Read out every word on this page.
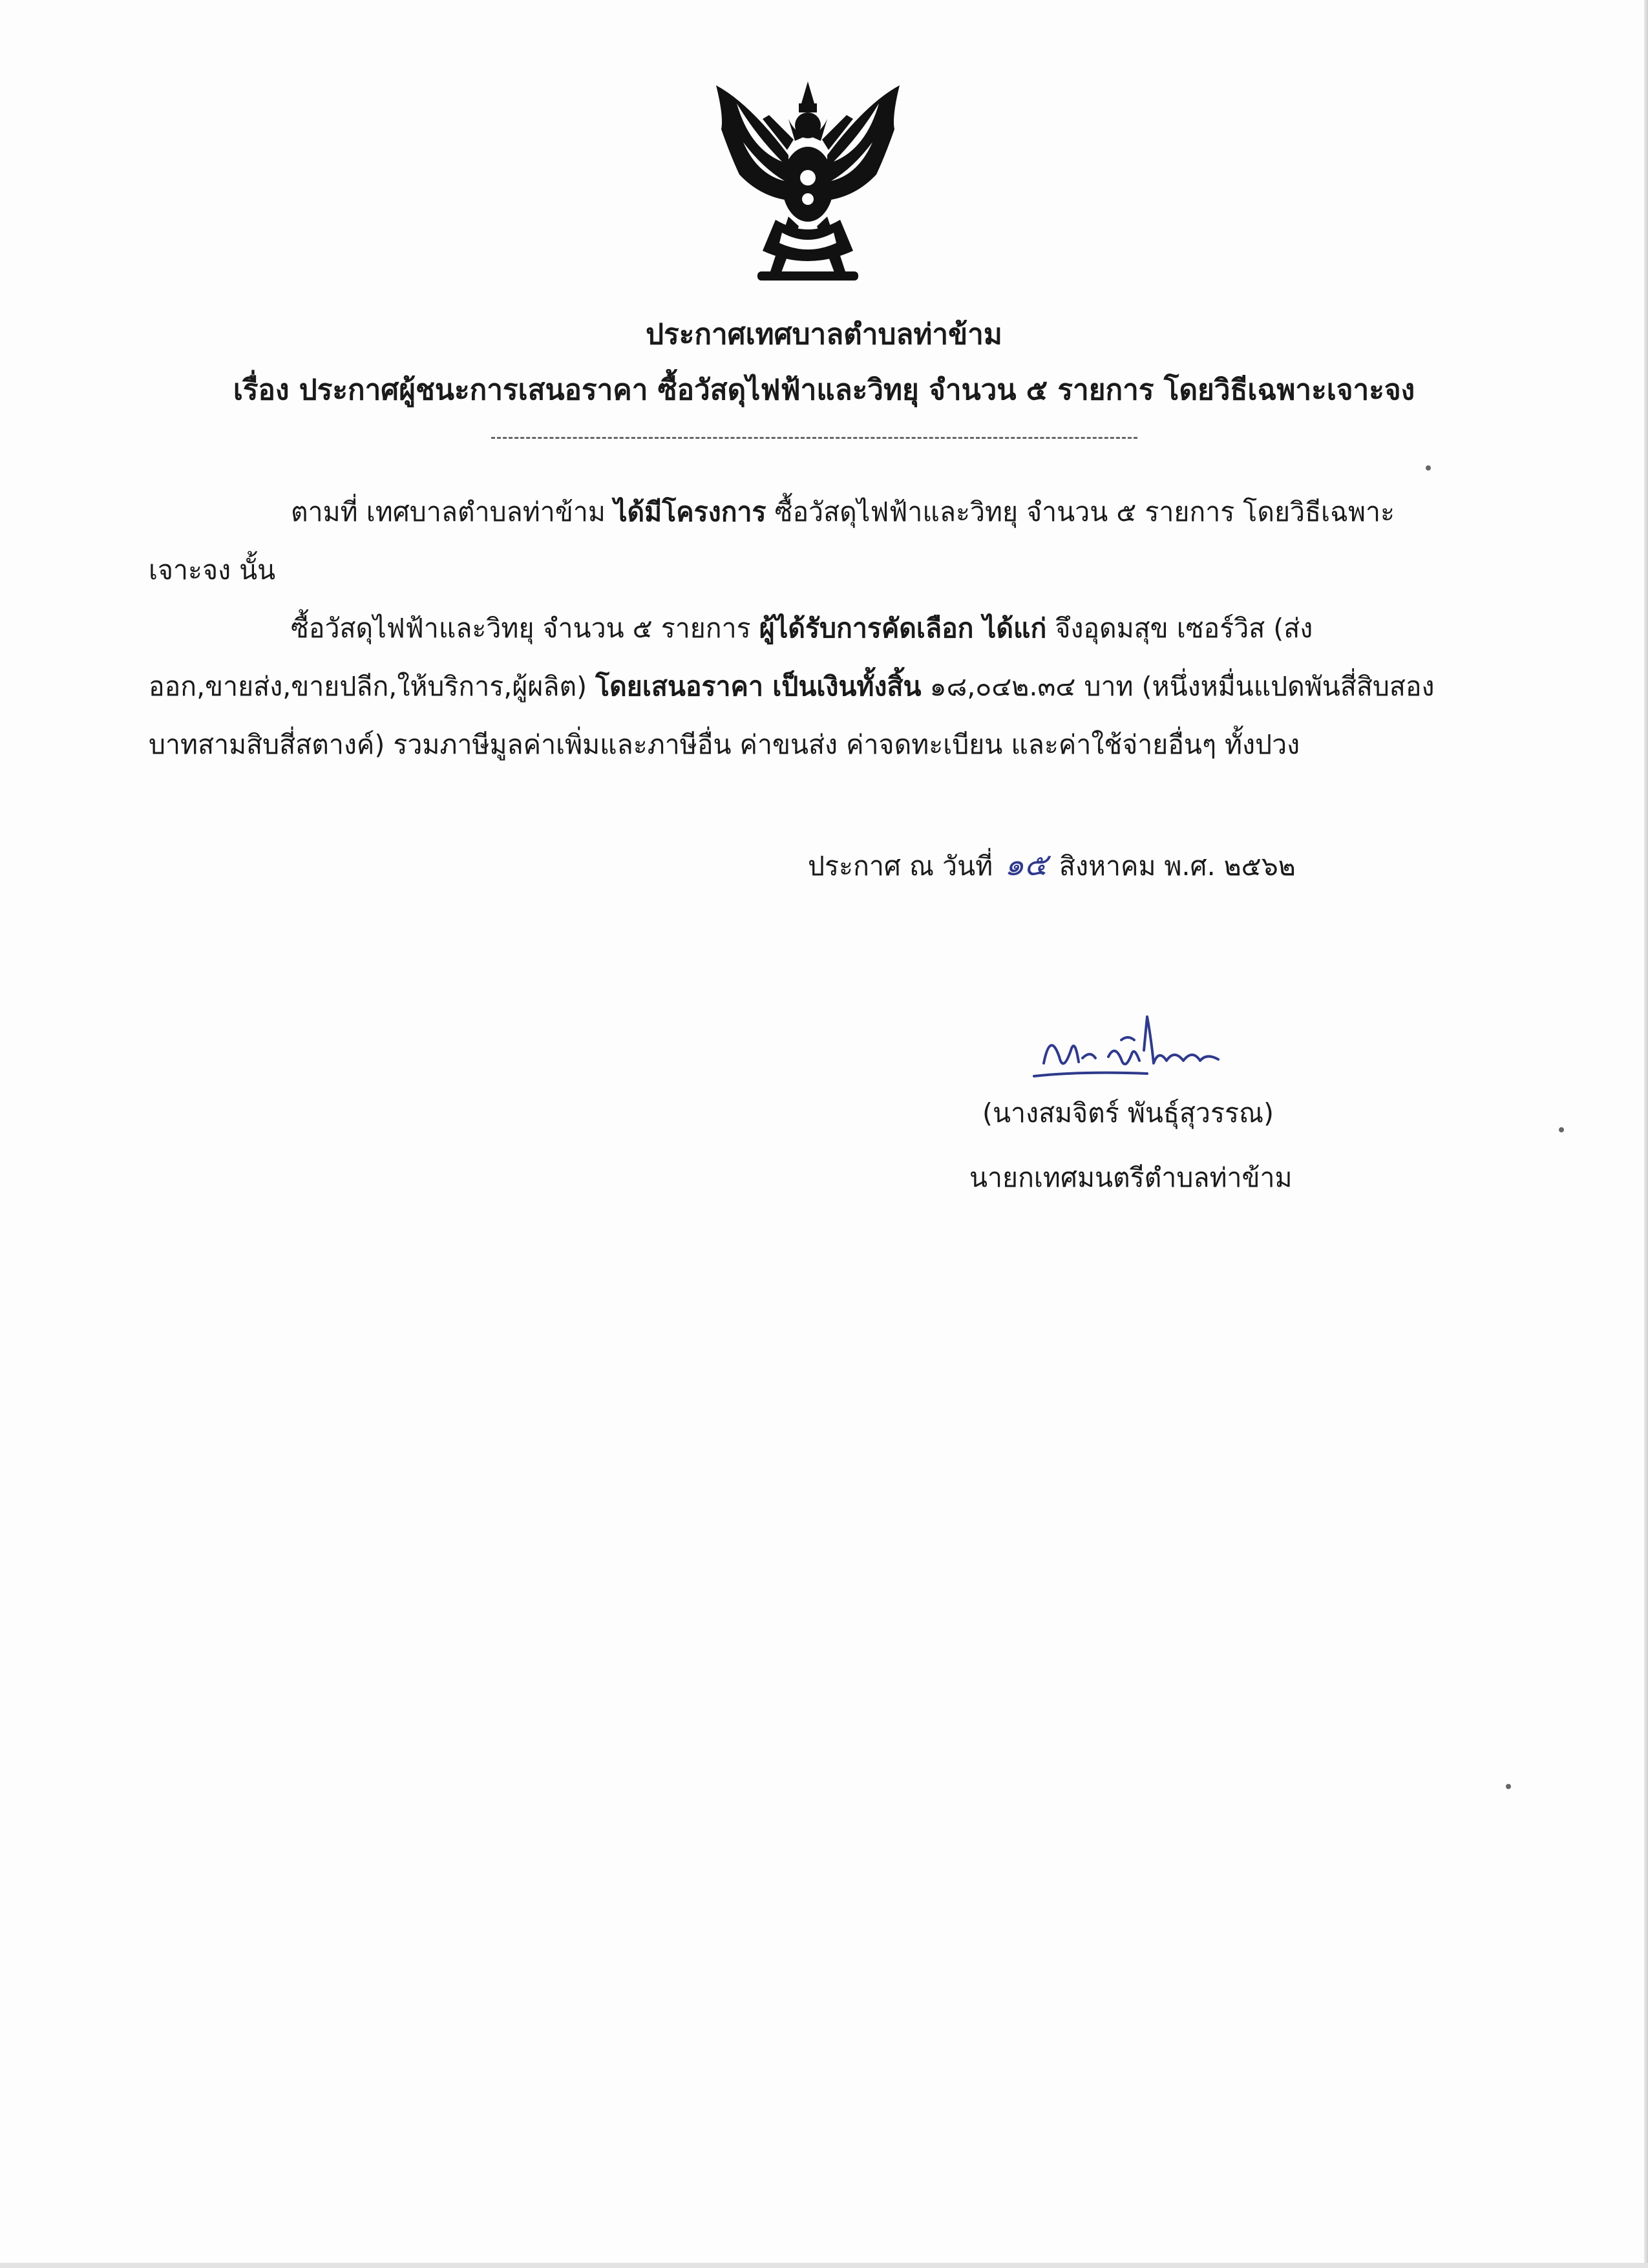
ประกาศเทศบาลตำบลท่าข้าม
เรื่อง ประกาศผู้ชนะการเสนอราคา ซื้อวัสดุไฟฟ้าและวิทยุ จำนวน ๕ รายการ โดยวิธีเฉพาะเจาะจง
ตามที่ เทศบาลตำบลท่าข้าม ได้มีโครงการ ซื้อวัสดุไฟฟ้าและวิทยุ จำนวน ๕ รายการ โดยวิธีเฉพาะ
เจาะจง นั้น
ซื้อวัสดุไฟฟ้าและวิทยุ จำนวน ๕ รายการ ผู้ได้รับการคัดเลือก ได้แก่ จึงอุดมสุข เซอร์วิส (ส่ง
ออก,ขายส่ง,ขายปลีก,ให้บริการ,ผู้ผลิต) โดยเสนอราคา เป็นเงินทั้งสิ้น ๑๘,๐๔๒.๓๔ บาท (หนึ่งหมื่นแปดพันสี่สิบสอง
บาทสามสิบสี่สตางค์) รวมภาษีมูลค่าเพิ่มและภาษีอื่น ค่าขนส่ง ค่าจดทะเบียน และค่าใช้จ่ายอื่นๆ ทั้งปวง
ประกาศ ณ วันที่ ๑๕ สิงหาคม พ.ศ. ๒๕๖๒
(นางสมจิตร์ พันธุ์สุวรรณ)
นายกเทศมนตรีตำบลท่าข้าม
